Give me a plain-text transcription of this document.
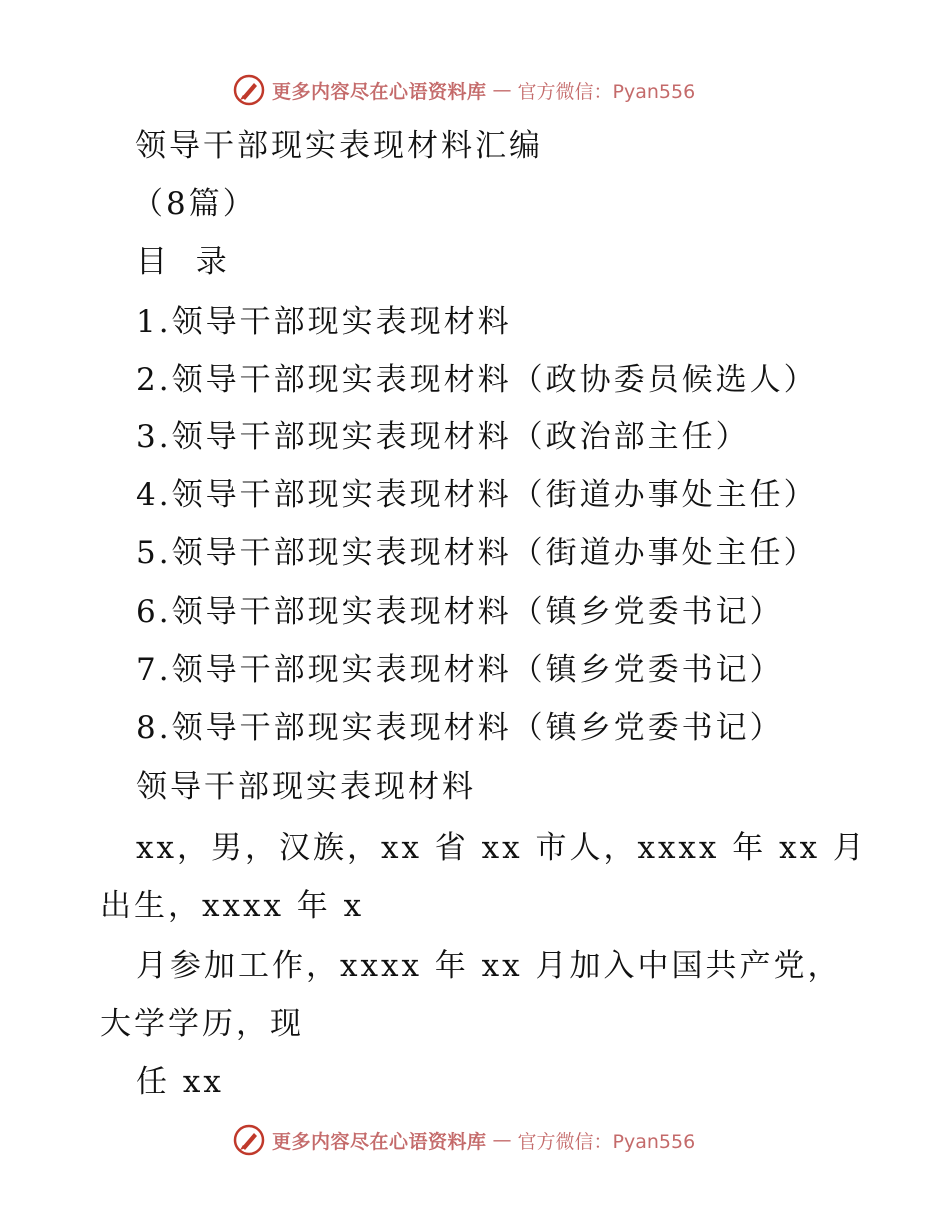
更多内容尽在心语资料库 — 官方微信：Pyan556
领导干部现实表现材料汇编
（8篇）
目  录
1.领导干部现实表现材料
2.领导干部现实表现材料（政协委员候选人）
3.领导干部现实表现材料（政治部主任）
4.领导干部现实表现材料（街道办事处主任）
5.领导干部现实表现材料（街道办事处主任）
6.领导干部现实表现材料（镇乡党委书记）
7.领导干部现实表现材料（镇乡党委书记）
8.领导干部现实表现材料（镇乡党委书记）
领导干部现实表现材料
xx，男，汉族，xx 省 xx 市人，xxxx 年 xx 月
出生，xxxx 年 x
月参加工作，xxxx 年 xx 月加入中国共产党，
大学学历，现
任 xx
更多内容尽在心语资料库 — 官方微信：Pyan556
